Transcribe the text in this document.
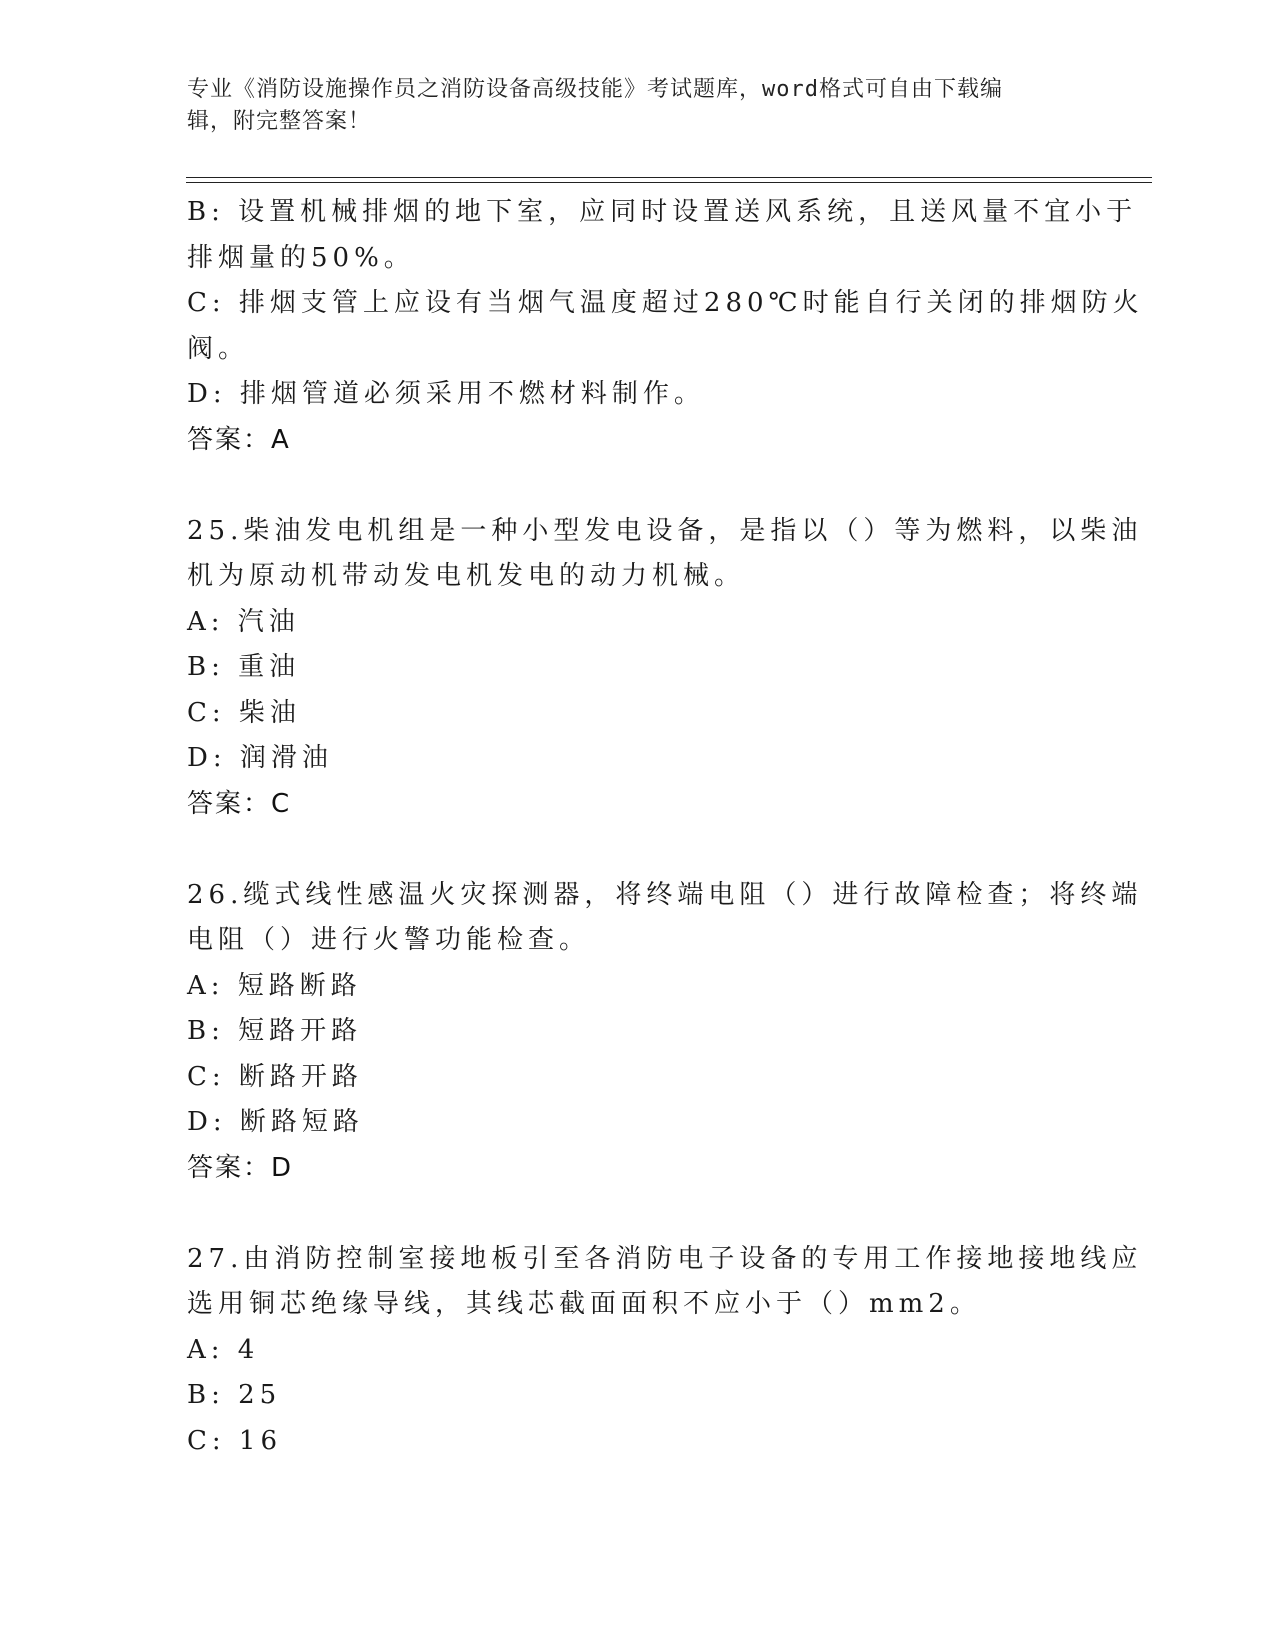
专业《消防设施操作员之消防设备高级技能》考试题库，word格式可自由下载编
辑，附完整答案！
B: 设置机械排烟的地下室，应同时设置送风系统，且送风量不宜小于
排烟量的50%。
C: 排烟支管上应设有当烟气温度超过280℃时能自行关闭的排烟防火
阀。
D: 排烟管道必须采用不燃材料制作。
答案：A
25.柴油发电机组是一种小型发电设备，是指以（）等为燃料，以柴油
机为原动机带动发电机发电的动力机械。
A: 汽油
B: 重油
C: 柴油
D: 润滑油
答案：C
26.缆式线性感温火灾探测器，将终端电阻（）进行故障检查；将终端
电阻（）进行火警功能检查。
A: 短路断路
B: 短路开路
C: 断路开路
D: 断路短路
答案：D
27.由消防控制室接地板引至各消防电子设备的专用工作接地接地线应
选用铜芯绝缘导线，其线芯截面面积不应小于（）mm2。
A: 4
B: 25
C: 16
